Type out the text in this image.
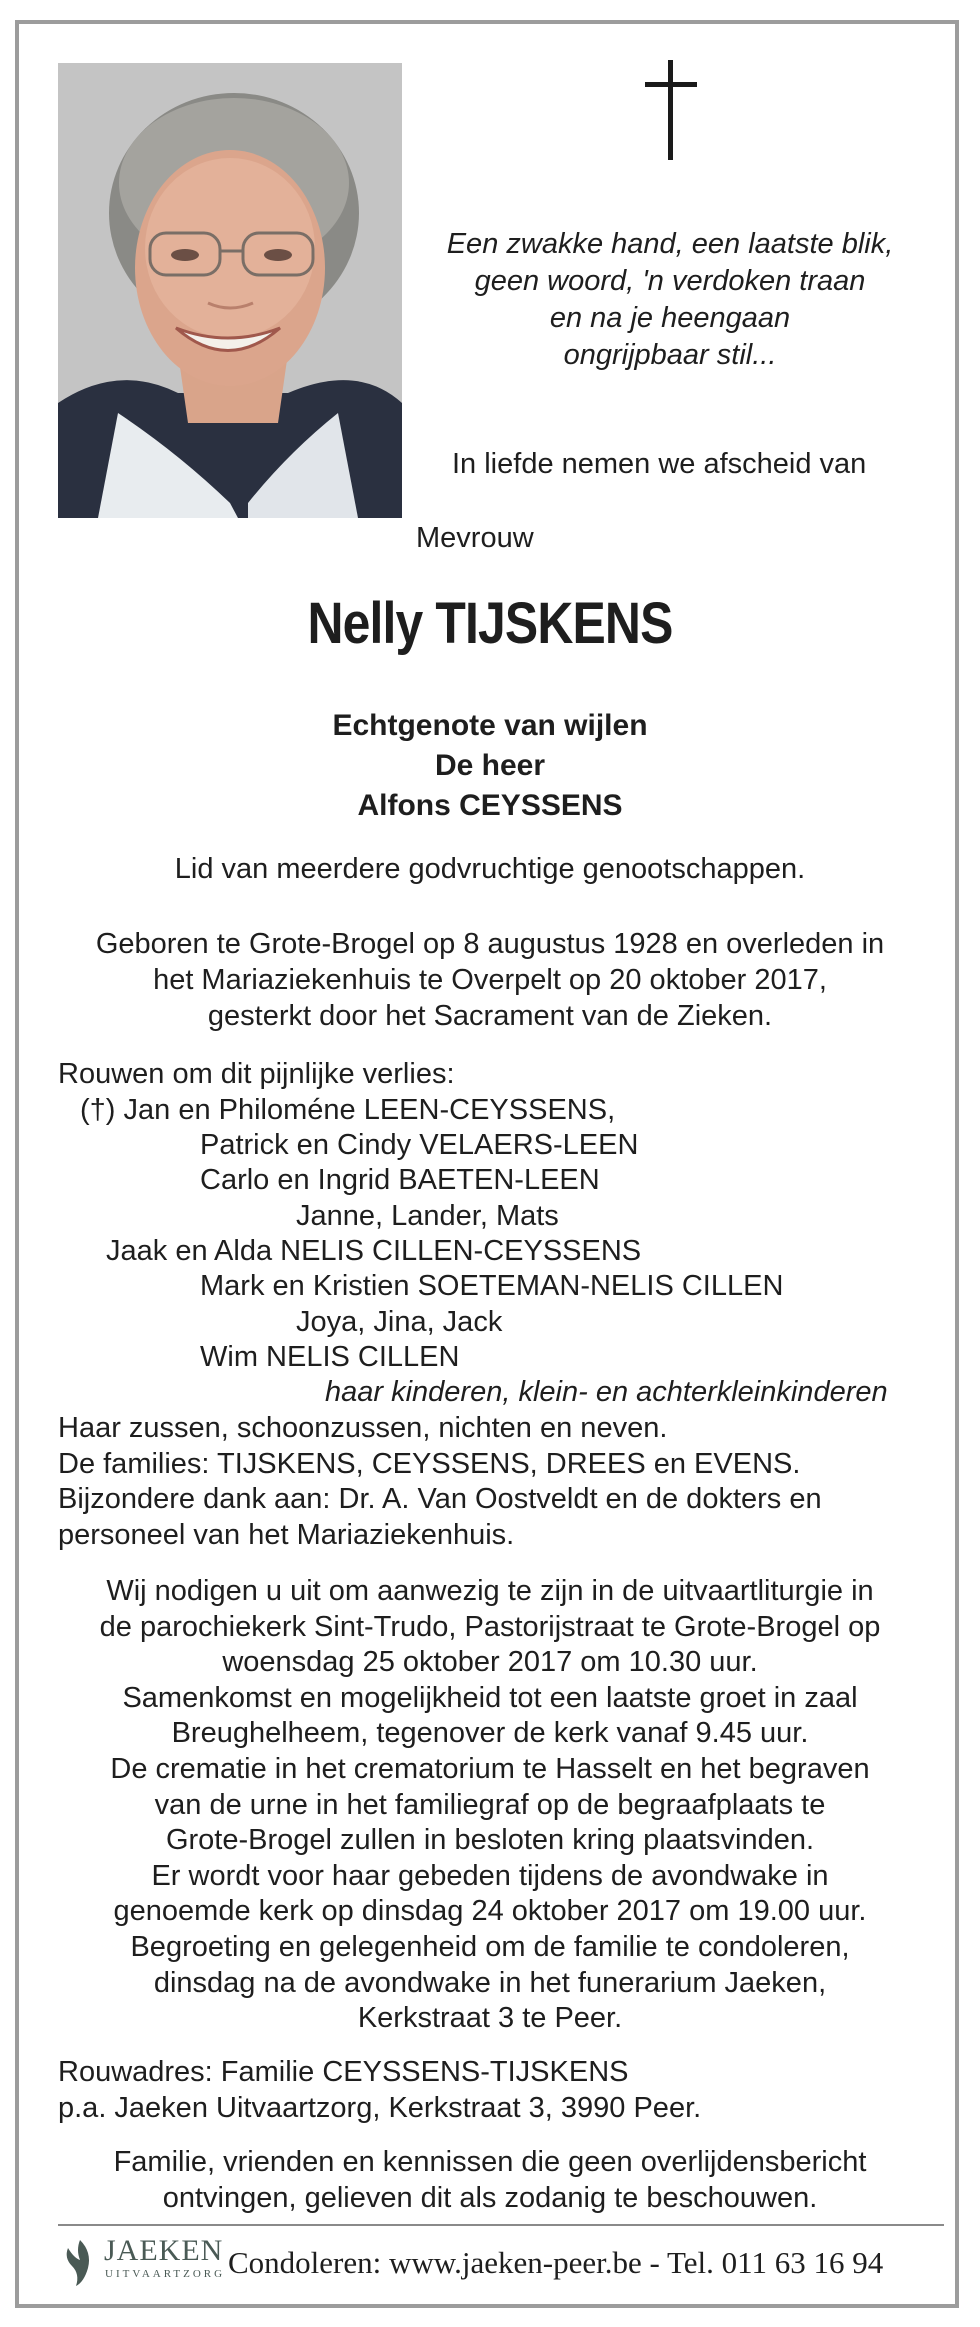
Een zwakke hand, een laatste blik,
geen woord, 'n verdoken traan
en na je heengaan
ongrijpbaar stil...
In liefde nemen we afscheid van
Mevrouw
Nelly TIJSKENS
Echtgenote van wijlen
De heer
Alfons CEYSSENS
Lid van meerdere godvruchtige genootschappen.
Geboren te Grote-Brogel op 8 augustus 1928 en overleden in
het Mariaziekenhuis te Overpelt op 20 oktober 2017,
gesterkt door het Sacrament van de Zieken.
Rouwen om dit pijnlijke verlies:
(†) Jan en Philoméne LEEN-CEYSSENS,
Patrick en Cindy VELAERS-LEEN
Carlo en Ingrid BAETEN-LEEN
Janne, Lander, Mats
Jaak en Alda NELIS CILLEN-CEYSSENS
Mark en Kristien SOETEMAN-NELIS CILLEN
Joya, Jina, Jack
Wim NELIS CILLEN
haar kinderen, klein- en achterkleinkinderen
Haar zussen, schoonzussen, nichten en neven.
De families: TIJSKENS, CEYSSENS, DREES en EVENS.
Bijzondere dank aan: Dr. A. Van Oostveldt en de dokters en
personeel van het Mariaziekenhuis.
Wij nodigen u uit om aanwezig te zijn in de uitvaartliturgie in
de parochiekerk Sint-Trudo, Pastorijstraat te Grote-Brogel op
woensdag 25 oktober 2017 om 10.30 uur.
Samenkomst en mogelijkheid tot een laatste groet in zaal
Breughelheem, tegenover de kerk vanaf 9.45 uur.
De crematie in het crematorium te Hasselt en het begraven
van de urne in het familiegraf op de begraafplaats te
Grote-Brogel zullen in besloten kring plaatsvinden.
Er wordt voor haar gebeden tijdens de avondwake in
genoemde kerk op dinsdag 24 oktober 2017 om 19.00 uur.
Begroeting en gelegenheid om de familie te condoleren,
dinsdag na de avondwake in het funerarium Jaeken,
Kerkstraat 3 te Peer.
Rouwadres: Familie CEYSSENS-TIJSKENS
p.a. Jaeken Uitvaartzorg, Kerkstraat 3, 3990 Peer.
Familie, vrienden en kennissen die geen overlijdensbericht
ontvingen, gelieven dit als zodanig te beschouwen.
JAEKEN
UITVAARTZORG Condoleren: www.jaeken-peer.be - Tel. 011 63 16 94
